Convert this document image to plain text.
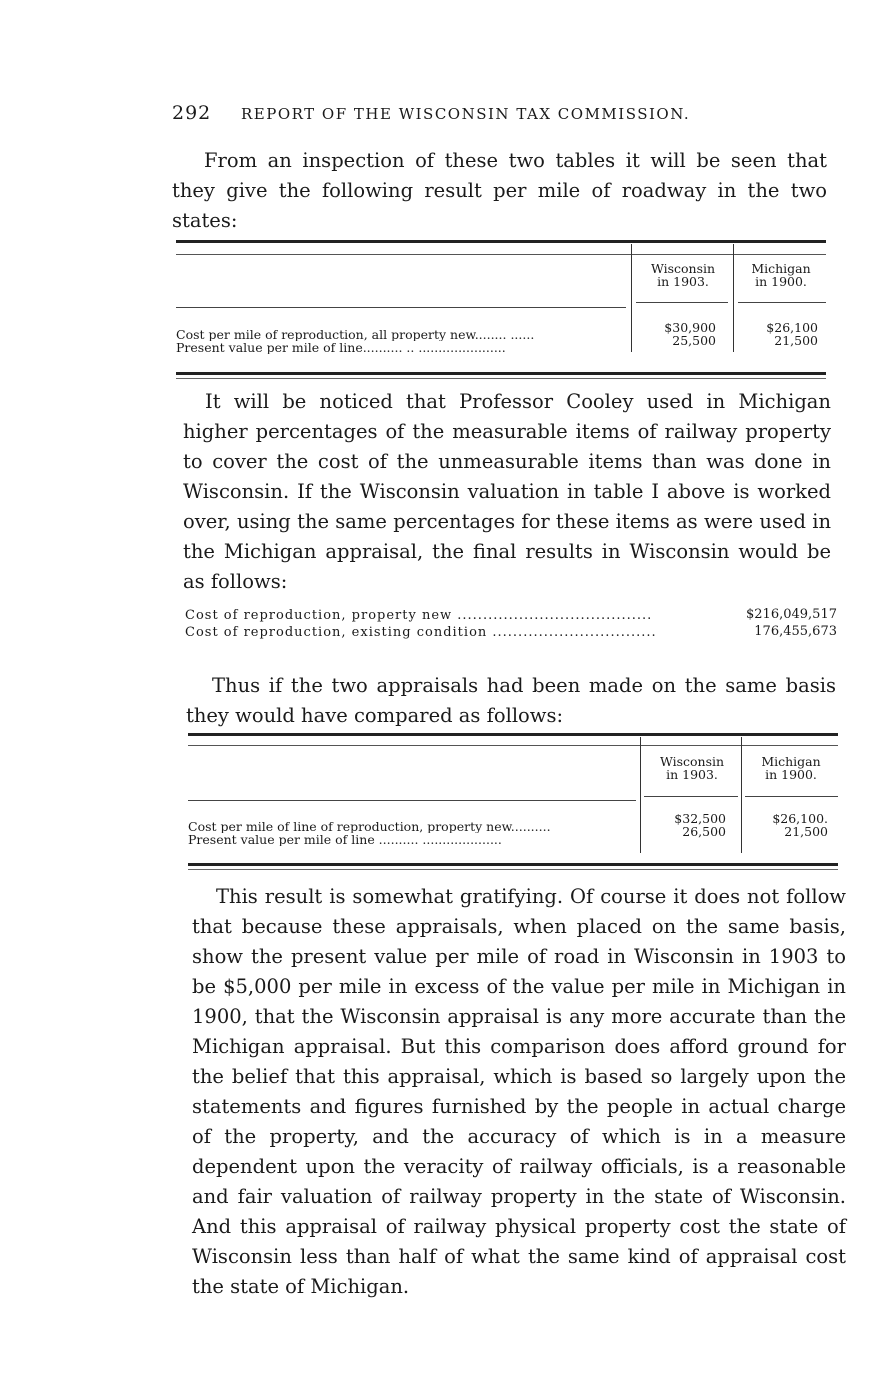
292 REPORT OF THE WISCONSIN TAX COMMISSION.

From an inspection of these two tables it will be seen that they give the following result per mile of roadway in the two states:

Wisconsin
in 1903.
Michigan
in 1900.
Cost per mile of reproduction, all property new........ ......
Present value per mile of line.......... .. ......................
$30,900
25,500
$26,100
21,500

It will be noticed that Professor Cooley used in Michigan higher percentages of the measurable items of railway property to cover the cost of the unmeasurable items than was done in Wisconsin. If the Wisconsin valuation in table I above is worked over, using the same percentages for these items as were used in the Michigan appraisal, the final results in Wisconsin would be as follows:

Cost of reproduction, property new ......................................	$216,049,517
Cost of reproduction, existing condition ................................	176,455,673

Thus if the two appraisals had been made on the same basis they would have compared as follows:

Wisconsin
in 1903.
Michigan
in 1900.
Cost per mile of line of reproduction, property new..........
Present value per mile of line .......... ....................
$32,500
26,500
$26,100.
21,500

This result is somewhat gratifying. Of course it does not follow that because these appraisals, when placed on the same basis, show the present value per mile of road in Wisconsin in 1903 to be $5,000 per mile in excess of the value per mile in Michigan in 1900, that the Wisconsin appraisal is any more accurate than the Michigan appraisal. But this comparison does afford ground for the belief that this appraisal, which is based so largely upon the statements and figures furnished by the people in actual charge of the property, and the accuracy of which is in a measure dependent upon the veracity of railway officials, is a reasonable and fair valuation of railway property in the state of Wisconsin. And this appraisal of railway physical property cost the state of Wisconsin less than half of what the same kind of appraisal cost the state of Michigan.
